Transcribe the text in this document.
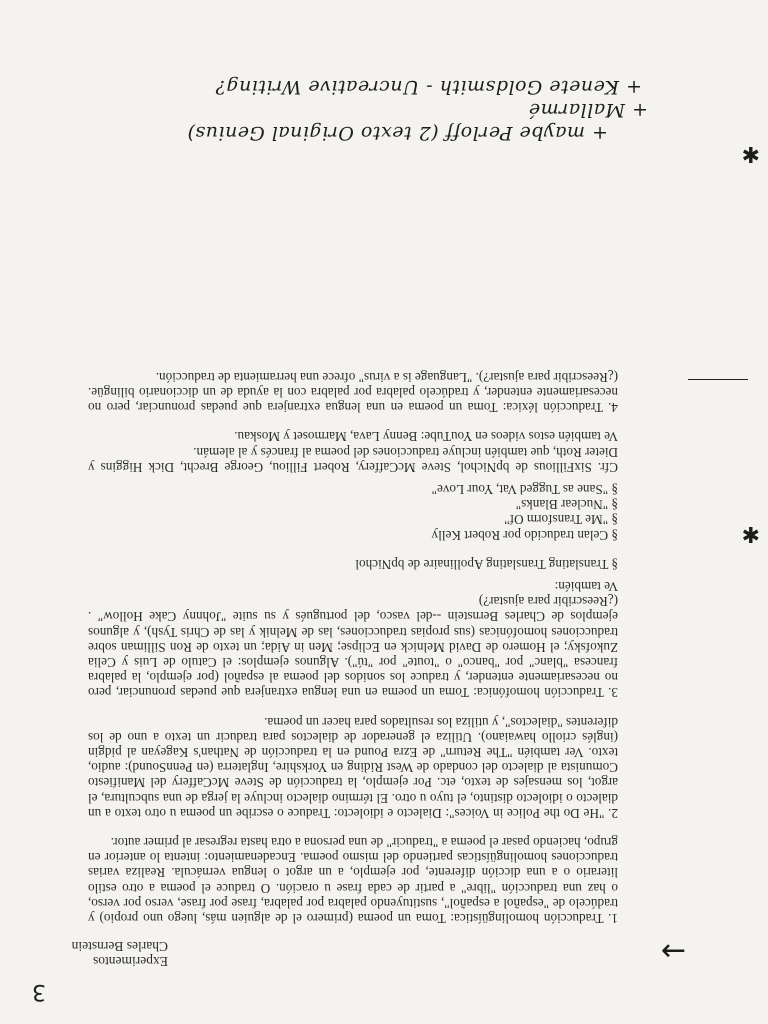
Experimentos
Charles Bernstein

1. Traducción homolingüística: Toma un poema (primero el de alguien más, luego uno propio) y tradúcelo de "español a español", sustituyendo palabra por palabra, frase por frase, verso por verso, o haz una traducción "libre" a partir de cada frase u oración. O traduce el poema a otro estilo literario o a una dicción diferente, por ejemplo, a un argot o lengua vernácula. Realiza varias traducciones homolingüísticas partiendo del mismo poema. Encadenamiento: intenta lo anterior en grupo, haciendo pasar el poema a "traducir" de una persona a otra hasta regresar al primer autor.

2. "He Do the Police in Voices": Dialecto e idiolecto: Traduce o escribe un poema u otro texto a un dialecto o idiolecto distinto, el tuyo u otro. El término dialecto incluye la jerga de una subcultura, el argot, los mensajes de texto, etc. Por ejemplo, la traducción de Steve McCaffery del Manifiesto Comunista al dialecto del condado de West Riding en Yorkshire, Inglaterra (en PennSound): audio, texto. Ver también "The Return" de Ezra Pound en la traducción de Nathan's Kageyan al pidgin (inglés criollo hawaiano). Utiliza el generador de dialectos para traducir un texto a uno de los diferentes "dialectos", y utiliza los resultados para hacer un poema.

3. Traducción homofónica: Toma un poema en una lengua extranjera que puedas pronunciar, pero no necesariamente entender, y traduce los sonidos del poema al español (por ejemplo, la palabra francesa "blanc" por "banco" o "toute" por "tú"). Algunos ejemplos: el Catulo de Luis y Celia Zukofsky; el Homero de David Melnick en Eclipse; Men in Aida; un texto de Ron Silliman sobre traducciones homofónicas (sus propias traducciones, las de Melnik y las de Chris Tysh), y algunos ejemplos de Charles Bernstein --del vasco, del portugués y su suite "Johnny Cake Hollow" . (¿Reescribir para ajustar?)

Ve también:

§ Translating Translating Apollinaire de bpNichol
§ Celan traducido por Robert Kelly
§ "Me Transform Of"
§ "Nuclear Blanks"
§ "Sane as Tugged Vat, Your Love"

Cfr. SixFillious de bpNichol, Steve McCaffery, Robert Filliou, George Brecht, Dick Higgins y Dieter Roth, que también incluye traducciones del poema al francés y al alemán.

Ve también estos videos en YouTube: Benny Lava, Marmoset y Moskau.

4. Traducción léxica: Toma un poema en una lengua extranjera que puedas pronunciar, pero no necesariamente entender, y tradúcelo palabra por palabra con la ayuda de un diccionario bilingüe. (¿Reescribir para ajustar?). "Language is a virus" ofrece una herramienta de traducción.

3
←
✱
✱
+ maybe Perloff (2 texto Original Genius)
+ Mallarmé
+ Kenete Goldsmith - Uncreative Writing?
